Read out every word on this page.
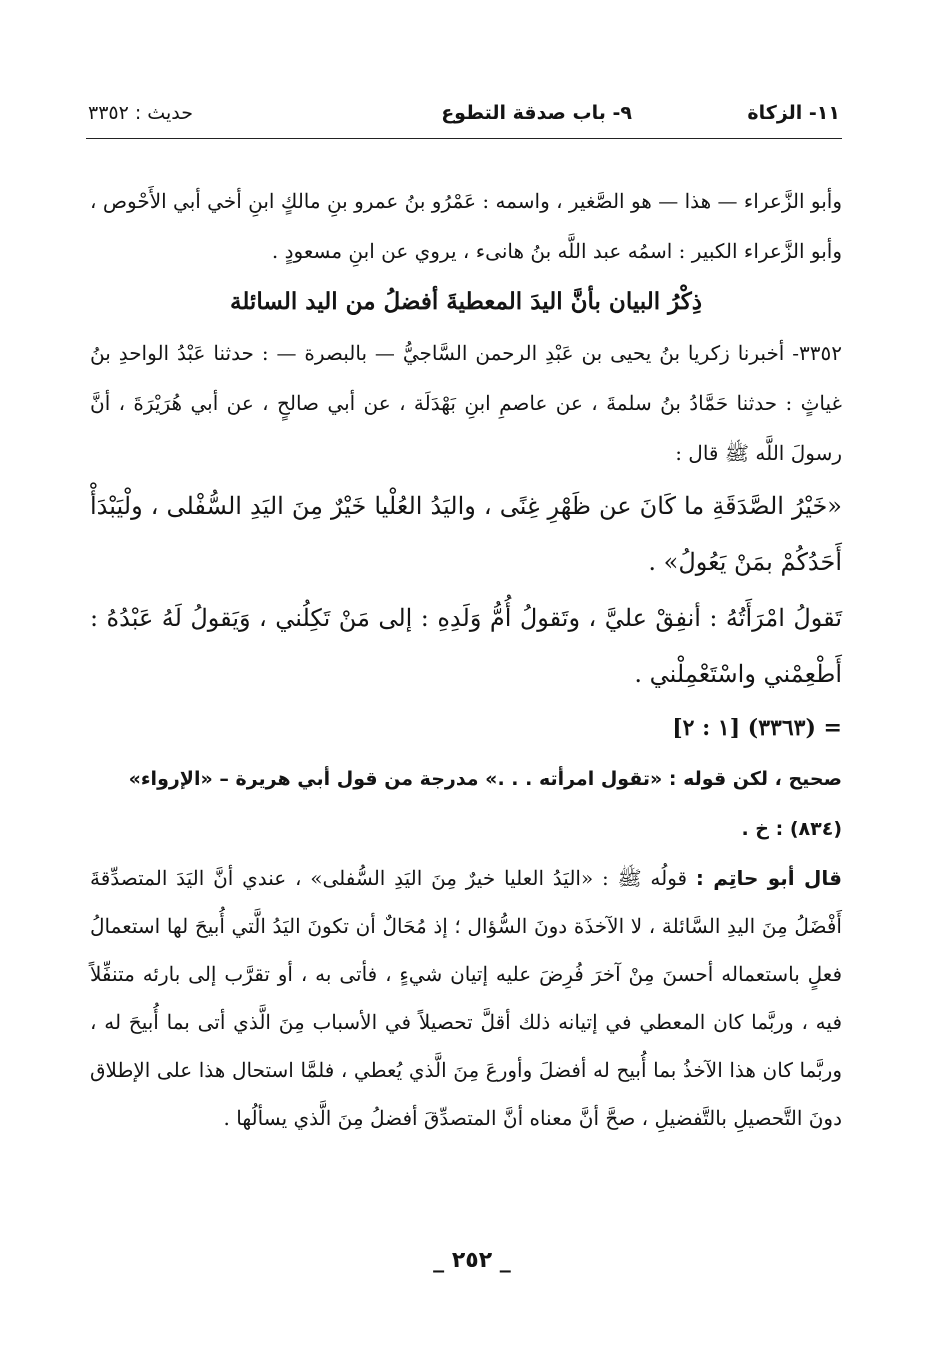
١١- الزكاة
٩- باب صدقة التطوع
حديث : ٣٣٥٢

وأبو الزَّعراء — هذا — هو الصَّغير ، واسمه : عَمْرُو بنُ عمرو بنِ مالكٍ ابنِ أخي أبي الأَحْوص ، وأبو الزَّعراء الكبير : اسمُه عبد اللَّه بنُ هانىء ، يروي عن ابنِ مسعودٍ .

ذِكْرُ البيان بأنَّ اليدَ المعطيةَ أفضلُ من اليد السائلة

٣٣٥٢- أخبرنا زكريا بنُ يحيى بن عَبْدِ الرحمن السَّاجيُّ — بالبصرة — : حدثنا عَبْدُ الواحدِ بنُ غياثٍ : حدثنا حَمَّادُ بنُ سلمةَ ، عن عاصمِ ابنِ بَهْدَلَة ، عن أبي صالحٍ ، عن أبي هُرَيْرَةَ ، أنَّ رسولَ اللَّه ﷺ قال :

«خَيْرُ الصَّدَقَةِ ما كَانَ عن ظَهْرِ غِنًى ، واليَدُ العُلْيا خَيْرٌ مِنَ اليَدِ السُّفْلى ، ولْيَبْدَأْ أَحَدُكُمْ بمَنْ يَعُولُ» .

تَقولُ امْرَأَتُهُ : أنفِقْ عليَّ ، وتَقولُ أُمُّ وَلَدِهِ : إلى مَنْ تَكِلُني ، وَيَقولُ لَهُ عَبْدُهُ : أَطْعِمْني واسْتَعْمِلْني .

= (٣٣٦٣) [١ : ٢]

صحيح ، لكن قوله : «تقول امرأته . . .» مدرجة من قول أبي هريرة – «الإرواء»

(٨٣٤) : خ .

قال أبو حاتِم : قولُه ﷺ : «اليَدُ العليا خيرٌ مِنَ اليَدِ السُّفلى» ، عندي أنَّ اليَدَ المتصدِّقةَ أَفْضَلُ مِنَ اليدِ السَّائلة ، لا الآخذَة دونَ السُّؤال ؛ إذ مُحَالٌ أن تكونَ اليَدُ الَّتي أُبيحَ لها استعمالُ فعلٍ باستعماله أحسنَ مِنْ آخرَ فُرِضَ عليه إتيان شيءٍ ، فأتى به ، أو تقرَّب إلى بارئه متنفِّلاً فيه ، وربَّما كان المعطي في إتيانه ذلك أقلَّ تحصيلاً في الأسباب مِنَ الَّذي أتى بما أُبيحَ له ، وربَّما كان هذا الآخذُ بما أُبيح له أفضلَ وأورعَ مِنَ الَّذي يُعطي ، فلمَّا استحال هذا على الإطلاق دونَ التَّحصيلِ بالتَّفضيلِ ، صحَّ أنَّ معناه أنَّ المتصدِّقَ أفضلُ مِنَ الَّذي يسألُها .

_ ٢٥٢ _
